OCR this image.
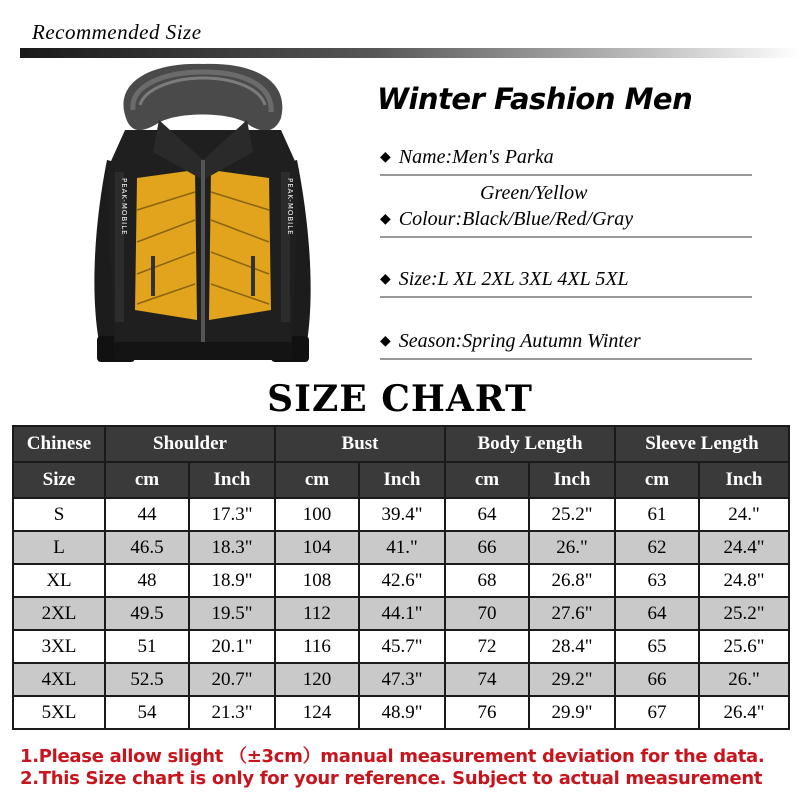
Recommended Size
PEAK-MOBILE	PEAK-MOBILE
Winter Fashion Men
◆ Name:Men's Parka
Green/Yellow
◆ Colour:Black/Blue/Red/Gray
◆ Size:L XL 2XL 3XL 4XL 5XL
◆ Season:Spring Autumn Winter
SIZE CHART
Chinese	Shoulder		Bust		Body Length		Sleeve Length	
Size	cm	Inch	cm	Inch	cm	Inch	cm	Inch
S	44	17.3"	100	39.4"	64	25.2"	61	24."
L	46.5	18.3"	104	41."	66	26."	62	24.4"
XL	48	18.9"	108	42.6"	68	26.8"	63	24.8"
2XL	49.5	19.5"	112	44.1"	70	27.6"	64	25.2"
3XL	51	20.1"	116	45.7"	72	28.4"	65	25.6"
4XL	52.5	20.7"	120	47.3"	74	29.2"	66	26."
5XL	54	21.3"	124	48.9"	76	29.9"	67	26.4"
1.Please allow slight （±3cm）manual measurement deviation for the data.
2.This Size chart is only for your reference. Subject to actual measurement
